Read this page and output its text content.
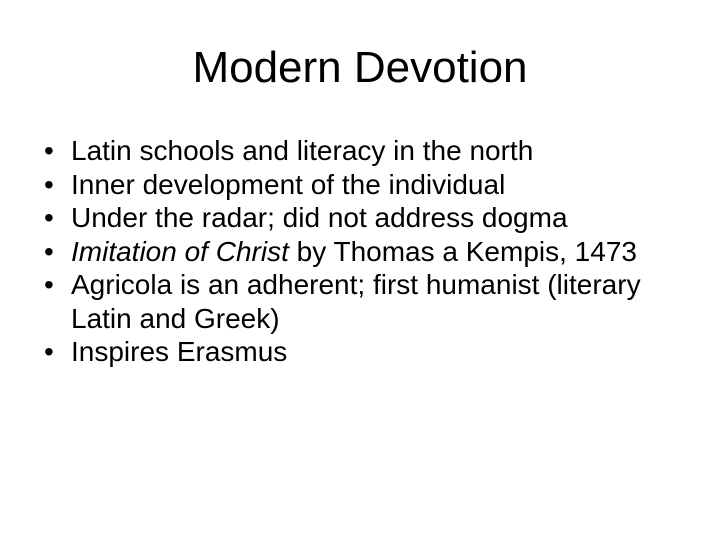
Modern Devotion
• Latin schools and literacy in the north
• Inner development of the individual
• Under the radar; did not address dogma
• Imitation of Christ by Thomas a Kempis, 1473
• Agricola is an adherent; first humanist (literary Latin and Greek)
• Inspires Erasmus
